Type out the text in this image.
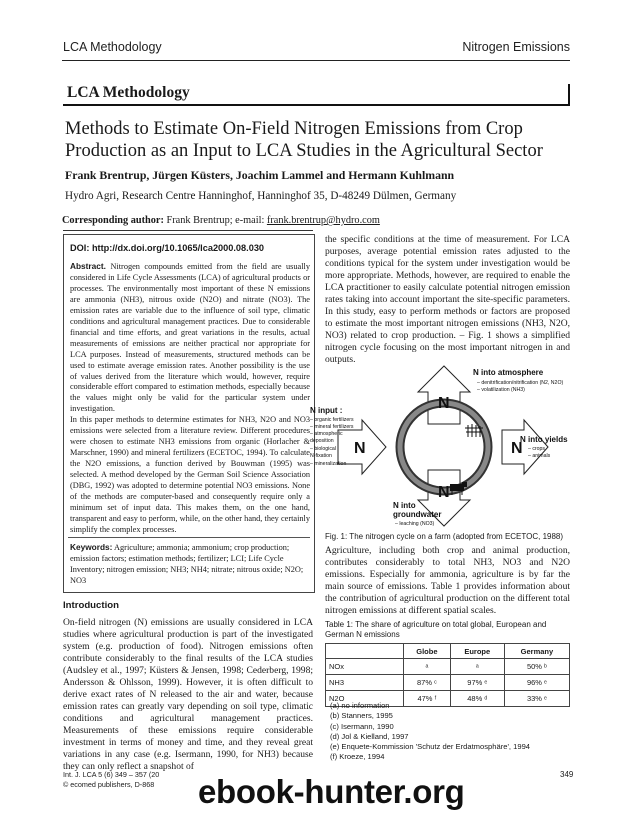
LCA Methodology	Nitrogen Emissions
LCA Methodology
Methods to Estimate On-Field Nitrogen Emissions from Crop Production as an Input to LCA Studies in the Agricultural Sector
Frank Brentrup, Jürgen Küsters, Joachim Lammel and Hermann Kuhlmann
Hydro Agri, Research Centre Hanninghof, Hanninghof 35, D-48249 Dülmen, Germany
Corresponding author: Frank Brentrup; e-mail: frank.brentrup@hydro.com
DOI: http://dx.doi.org/10.1065/lca2000.08.030
Abstract. Nitrogen compounds emitted from the field are usually considered in Life Cycle Assessments (LCA) of agricultural products or processes. The environmentally most important of these N emissions are ammonia (NH3), nitrous oxide (N2O) and nitrate (NO3). The emission rates are variable due to the influence of soil type, climatic conditions and agricultural management practices. Due to considerable financial and time efforts, and great variations in the results, actual measurements of emissions are neither practical nor appropriate for LCA purposes. Instead of measurements, structured methods can be used to estimate average emission rates. Another possibility is the use of values derived from the literature which would, however, require considerable effort compared to estimation methods, especially because the values might only be valid for the particular system under investigation.
In this paper methods to determine estimates for NH3, N2O and NO3 emissions were selected from a literature review. Different procedures were chosen to estimate NH3 emissions from organic (Horlacher & Marschner, 1990) and mineral fertilizers (ECETOC, 1994). To calculate the N2O emissions, a function derived by Bouwman (1995) was selected. A method developed by the German Soil Science Association (DBG, 1992) was adopted to determine potential NO3 emissions. None of the methods are computer-based and consequently require only a minimum set of input data. This makes them, on the one hand, transparent and easy to perform, while, on the other hand, they certainly simplify the complex processes.
Keywords: Agriculture; ammonia; ammonium; crop production; emission factors; estimation methods; fertilizer; LCI; Life Cycle Inventory; nitrogen emission; NH3; NH4; nitrate; nitrous oxide; N2O; NO3
Introduction
On-field nitrogen (N) emissions are usually considered in LCA studies where agricultural production is part of the investigated system (e.g. production of food). Nitrogen emissions often contribute considerably to the final results of the LCA studies (Audsley et al., 1997; Küsters & Jensen, 1998; Cederberg, 1998; Andersson & Ohlsson, 1999). However, it is often difficult to derive exact rates of N released to the air and water, because emission rates can greatly vary depending on soil type, climatic conditions and agricultural management practices. Measurements of these emissions require considerable investment in terms of money and time, and they reveal great variations in any case (e.g. Isermann, 1990, for NH3) because they can only reflect a snapshot of
the specific conditions at the time of measurement. For LCA purposes, average potential emission rates adjusted to the conditions typical for the system under investigation would be more appropriate. Methods, however, are required to enable the LCA practitioner to easily calculate potential nitrogen emission rates taking into account important the site-specific parameters. In this study, easy to perform methods or factors are proposed to estimate the most important nitrogen emissions (NH3, N2O, NO3) related to crop production. – Fig. 1 shows a simplified nitrogen cycle focusing on the most important nitrogen in and outputs.
N
N
N	N
N into atmosphere
– denitrification/nitrification (N2, N2O)
– volatilization (NH3)
N input :
– organic fertilizers
– mineral fertilizers
– atmospheric
deposition
– biological
N-fixation
– mineralization
N into yields
– crops
– animals
N into
groundwater
– leaching (NO3)
Fig. 1: The nitrogen cycle on a farm (adopted from ECETOC, 1988)
Agriculture, including both crop and animal production, contributes considerably to total NH3, NO3 and N2O emissions. Especially for ammonia, agriculture is by far the main source of emissions. Table 1 provides information about the contribution of agricultural production on the different total nitrogen emissions at different spatial scales.
Table 1: The share of agriculture on total global, European and German N emissions
	Globe	Europe	Germany
NOx	ᵃ	ᵃ	50% ᵇ
NH3	87% ᶜ	97% ᵉ	96% ᵉ
N2O	47% ᶠ	48% ᵈ	33% ᵉ
(a) no information
(b) Stanners, 1995
(c) Isermann, 1990
(d) Jol & Kielland, 1997
(e) Enquete-Kommission 'Schutz der Erdatmosphäre', 1994
(f) Kroeze, 1994
Int. J. LCA 5 (6) 349 – 357 (20
© ecomed publishers, D-868
349
ebook-hunter.org
